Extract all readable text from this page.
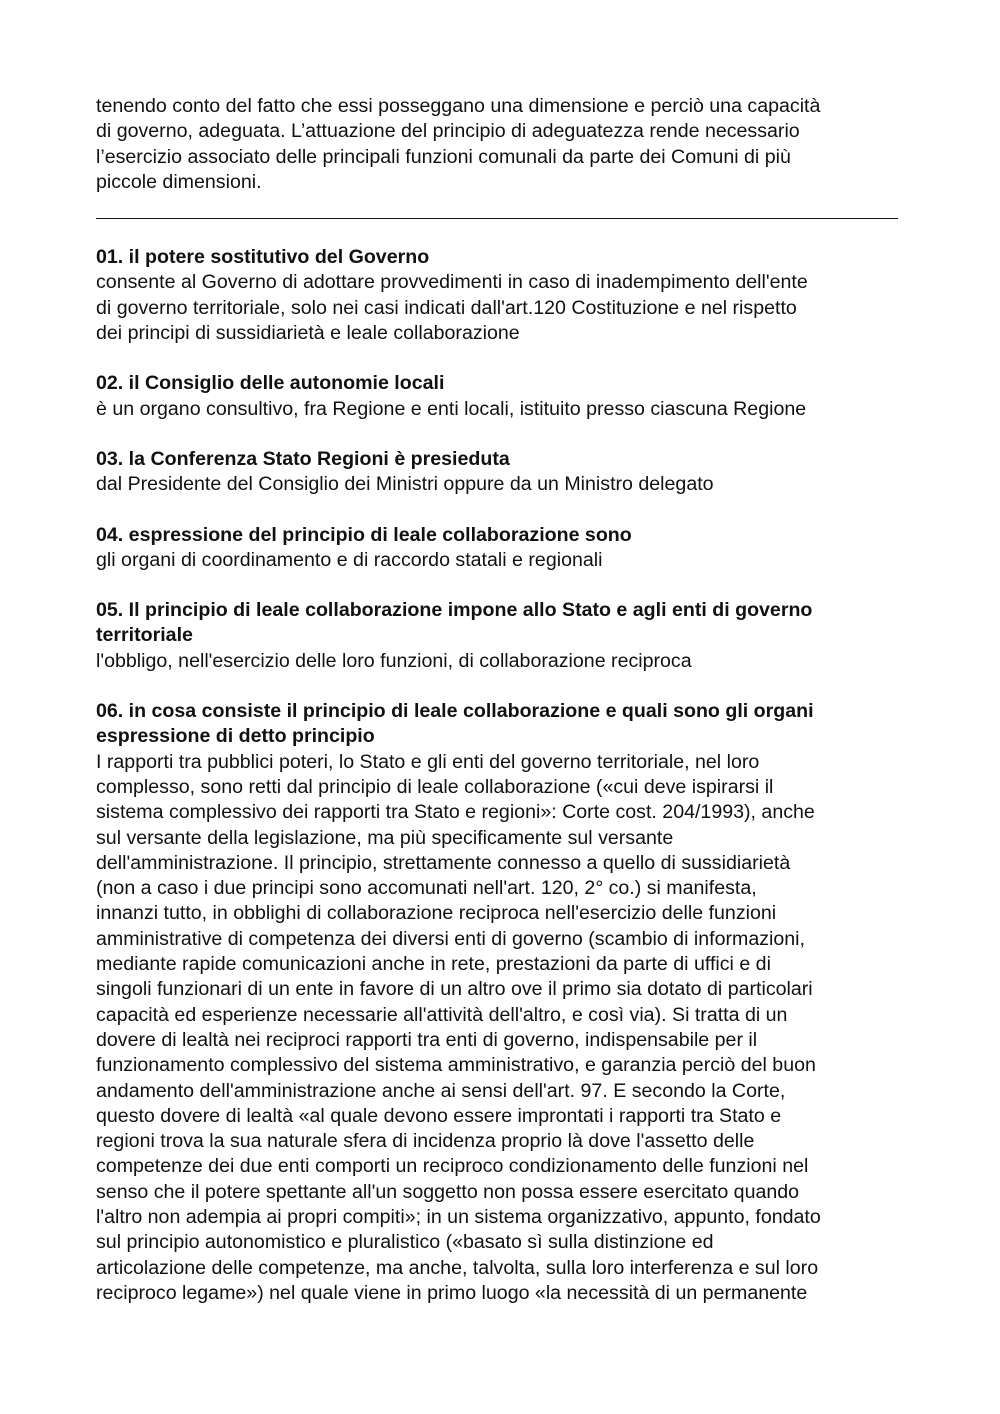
tenendo conto del fatto che essi posseggano una dimensione e perciò una capacità
di governo, adeguata. L’attuazione del principio di adeguatezza rende necessario
l’esercizio associato delle principali funzioni comunali da parte dei Comuni di più
piccole dimensioni.

01. il potere sostitutivo del Governo

consente al Governo di adottare provvedimenti in caso di inadempimento dell'ente
di governo territoriale, solo nei casi indicati dall'art.120 Costituzione e nel rispetto
dei principi di sussidiarietà e leale collaborazione

02. il Consiglio delle autonomie locali

è un organo consultivo, fra Regione e enti locali, istituito presso ciascuna Regione

03. la Conferenza Stato Regioni è presieduta

dal Presidente del Consiglio dei Ministri oppure da un Ministro delegato

04. espressione del principio di leale collaborazione sono

gli organi di coordinamento e di raccordo statali e regionali

05. Il principio di leale collaborazione impone allo Stato e agli enti di governo
territoriale

l'obbligo, nell'esercizio delle loro funzioni, di collaborazione reciproca

06. in cosa consiste il principio di leale collaborazione e quali sono gli organi
espressione di detto principio

I rapporti tra pubblici poteri, lo Stato e gli enti del governo territoriale, nel loro
complesso, sono retti dal principio di leale collaborazione («cui deve ispirarsi il
sistema complessivo dei rapporti tra Stato e regioni»: Corte cost. 204/1993), anche
sul versante della legislazione, ma più specificamente sul versante
dell'amministrazione. Il principio, strettamente connesso a quello di sussidiarietà
(non a caso i due principi sono accomunati nell'art. 120, 2° co.) si manifesta,
innanzi tutto, in obblighi di collaborazione reciproca nell'esercizio delle funzioni
amministrative di competenza dei diversi enti di governo (scambio di informazioni,
mediante rapide comunicazioni anche in rete, prestazioni da parte di uffici e di
singoli funzionari di un ente in favore di un altro ove il primo sia dotato di particolari
capacità ed esperienze necessarie all'attività dell'altro, e così via). Si tratta di un
dovere di lealtà nei reciproci rapporti tra enti di governo, indispensabile per il
funzionamento complessivo del sistema amministrativo, e garanzia perciò del buon
andamento dell'amministrazione anche ai sensi dell'art. 97. E secondo la Corte,
questo dovere di lealtà «al quale devono essere improntati i rapporti tra Stato e
regioni trova la sua naturale sfera di incidenza proprio là dove l'assetto delle
competenze dei due enti comporti un reciproco condizionamento delle funzioni nel
senso che il potere spettante all'un soggetto non possa essere esercitato quando
l'altro non adempia ai propri compiti»; in un sistema organizzativo, appunto, fondato
sul principio autonomistico e pluralistico («basato sì sulla distinzione ed
articolazione delle competenze, ma anche, talvolta, sulla loro interferenza e sul loro
reciproco legame») nel quale viene in primo luogo «la necessità di un permanente
